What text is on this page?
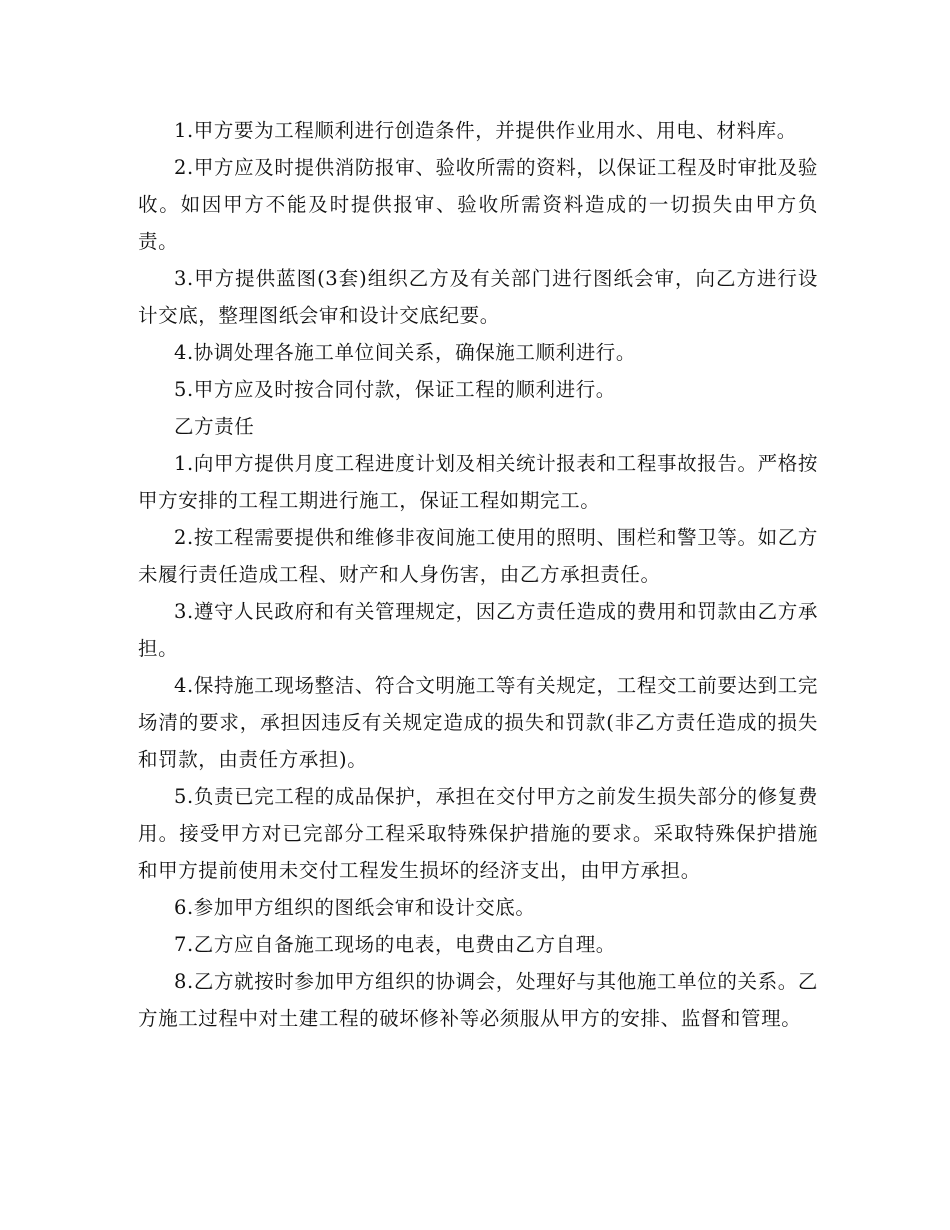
1.甲方要为工程顺利进行创造条件，并提供作业用水、用电、材料库。

2.甲方应及时提供消防报审、验收所需的资料，以保证工程及时审批及验收。如因甲方不能及时提供报审、验收所需资料造成的一切损失由甲方负责。

3.甲方提供蓝图(3套)组织乙方及有关部门进行图纸会审，向乙方进行设计交底，整理图纸会审和设计交底纪要。

4.协调处理各施工单位间关系，确保施工顺利进行。

5.甲方应及时按合同付款，保证工程的顺利进行。

乙方责任

1.向甲方提供月度工程进度计划及相关统计报表和工程事故报告。严格按甲方安排的工程工期进行施工，保证工程如期完工。

2.按工程需要提供和维修非夜间施工使用的照明、围栏和警卫等。如乙方未履行责任造成工程、财产和人身伤害，由乙方承担责任。

3.遵守人民政府和有关管理规定，因乙方责任造成的费用和罚款由乙方承担。

4.保持施工现场整洁、符合文明施工等有关规定，工程交工前要达到工完场清的要求，承担因违反有关规定造成的损失和罚款(非乙方责任造成的损失和罚款，由责任方承担)。

5.负责已完工程的成品保护，承担在交付甲方之前发生损失部分的修复费用。接受甲方对已完部分工程采取特殊保护措施的要求。采取特殊保护措施和甲方提前使用未交付工程发生损坏的经济支出，由甲方承担。

6.参加甲方组织的图纸会审和设计交底。

7.乙方应自备施工现场的电表，电费由乙方自理。

8.乙方就按时参加甲方组织的协调会，处理好与其他施工单位的关系。乙方施工过程中对土建工程的破坏修补等必须服从甲方的安排、监督和管理。
